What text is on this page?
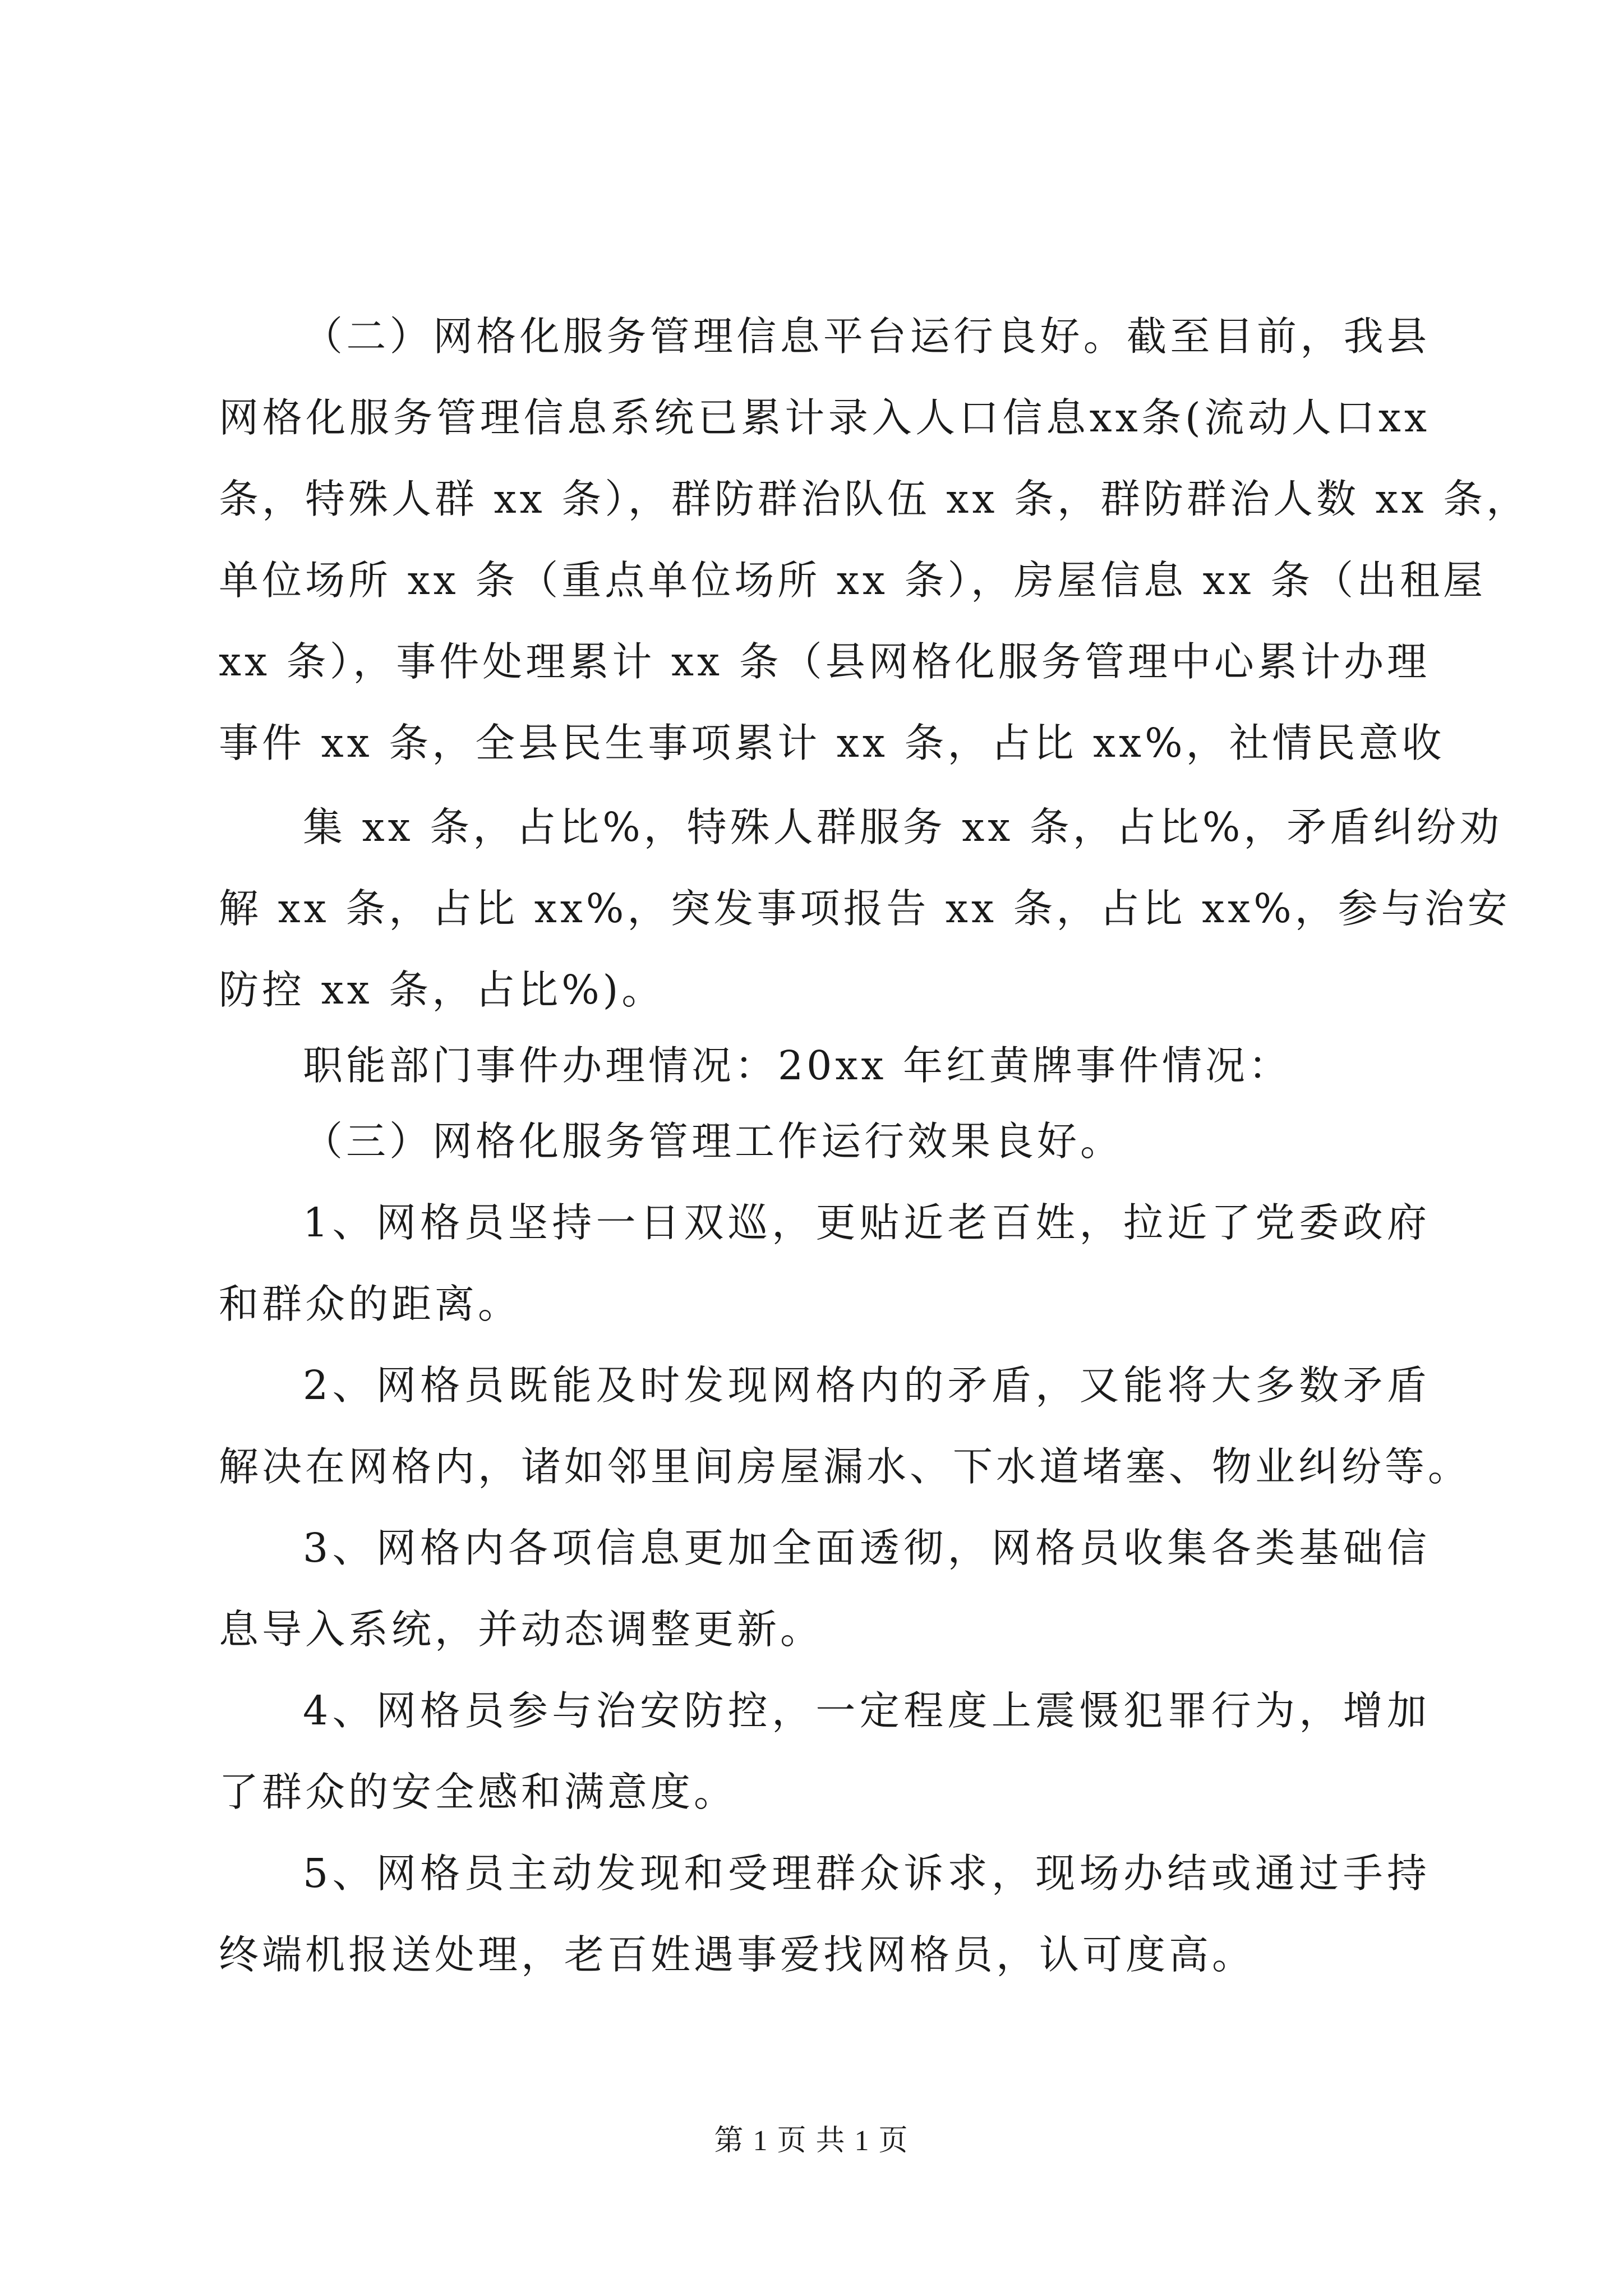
（二）网格化服务管理信息平台运行良好。截至目前，我县
网格化服务管理信息系统已累计录入人口信息xx条(流动人口xx
条，特殊人群 xx 条），群防群治队伍 xx 条，群防群治人数 xx 条，
单位场所 xx 条（重点单位场所 xx 条），房屋信息 xx 条（出租屋
xx 条），事件处理累计 xx 条（县网格化服务管理中心累计办理
事件 xx 条，全县民生事项累计 xx 条，占比 xx%，社情民意收
集 xx 条，占比%，特殊人群服务 xx 条，占比%，矛盾纠纷劝
解 xx 条，占比 xx%，突发事项报告 xx 条，占比 xx%，参与治安
防控 xx 条，占比%)。
职能部门事件办理情况：20xx 年红黄牌事件情况：
（三）网格化服务管理工作运行效果良好。
1、网格员坚持一日双巡，更贴近老百姓，拉近了党委政府
和群众的距离。
2、网格员既能及时发现网格内的矛盾，又能将大多数矛盾
解决在网格内，诸如邻里间房屋漏水、下水道堵塞、物业纠纷等。
3、网格内各项信息更加全面透彻，网格员收集各类基础信
息导入系统，并动态调整更新。
4、网格员参与治安防控，一定程度上震慑犯罪行为，增加
了群众的安全感和满意度。
5、网格员主动发现和受理群众诉求，现场办结或通过手持
终端机报送处理，老百姓遇事爱找网格员，认可度高。
第 1 页 共 1 页
